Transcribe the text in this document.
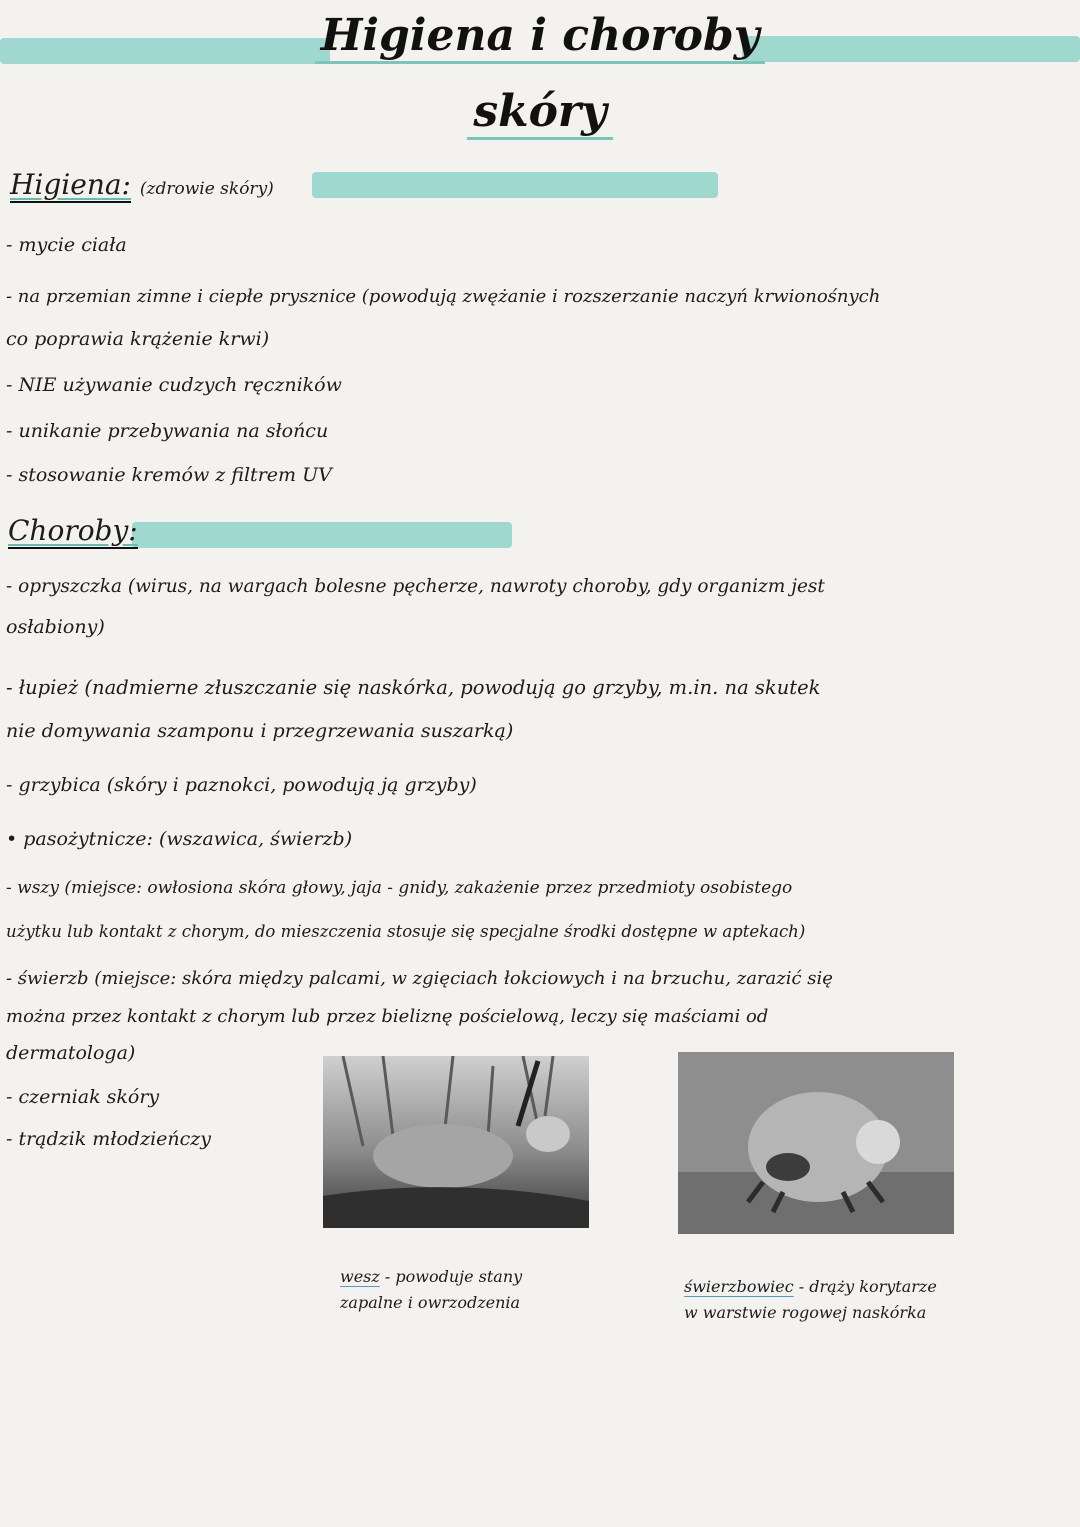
Higiena i choroby
skóry
Higiena: (zdrowie skóry)
- mycie ciała
- na przemian zimne i ciepłe prysznice (powodują zwężanie i rozszerzanie naczyń krwionośnych
co poprawia krążenie krwi)
- NIE używanie cudzych ręczników
- unikanie przebywania na słońcu
- stosowanie kremów z filtrem UV
Choroby:
- opryszczka (wirus, na wargach bolesne pęcherze, nawroty choroby, gdy organizm jest
osłabiony)
- łupież (nadmierne złuszczanie się naskórka, powodują go grzyby, m.in. na skutek
nie domywania szamponu i przegrzewania suszarką)
- grzybica (skóry i paznokci, powodują ją grzyby)
• pasożytnicze: (wszawica, świerzb)
- wszy (miejsce: owłosiona skóra głowy, jaja - gnidy, zakażenie przez przedmioty osobistego
użytku lub kontakt z chorym, do mieszczenia stosuje się specjalne środki dostępne w aptekach)
- świerzb (miejsce: skóra między palcami, w zgięciach łokciowych i na brzuchu, zarazić się
można przez kontakt z chorym lub przez bieliznę pościelową, leczy się maściami od
dermatologa)
- czerniak skóry
- trądzik młodzieńczy
wesz - powoduje stany
zapalne i owrzodzenia
świerzbowiec - drąży korytarze
w warstwie rogowej naskórka
